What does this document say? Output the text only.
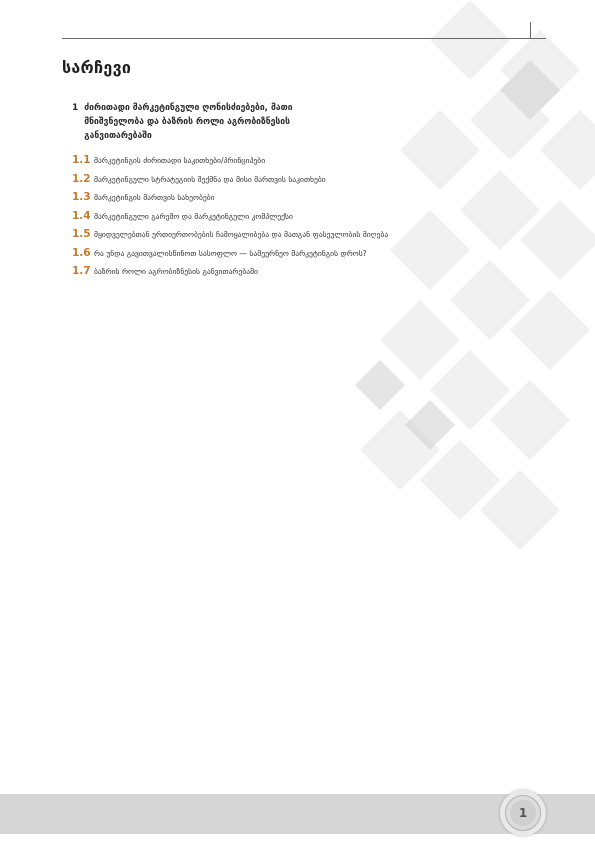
სარჩევი
1 ძირითადი მარკეტინგული ღონისძიებები, მათი მნიშვნელობა და ბაზრის როლი აგრობიზნესის განვითარებაში
1.1 მარკეტინგის ძირითადი საკითხები/პრინციპები
1.2 მარკეტინგული სტრატეგიის შექმნა და მისი მართვის საკითხები
1.3 მარკეტინგის მართვის სახეობები
1.4 მარკეტინგული გარემო და მარკეტინგული კომპლექსი
1.5 მყიდველებთან ურთიერთობების ჩამოყალიბება და მათგან ფასეულობის მიღება
1.6 რა უნდა გავითვალისწინოთ სასოფლო — სამეურნეო მარკეტინგის დროს?
1.7 ბაზრის როლი აგრობიზნესის განვითარებაში
1
